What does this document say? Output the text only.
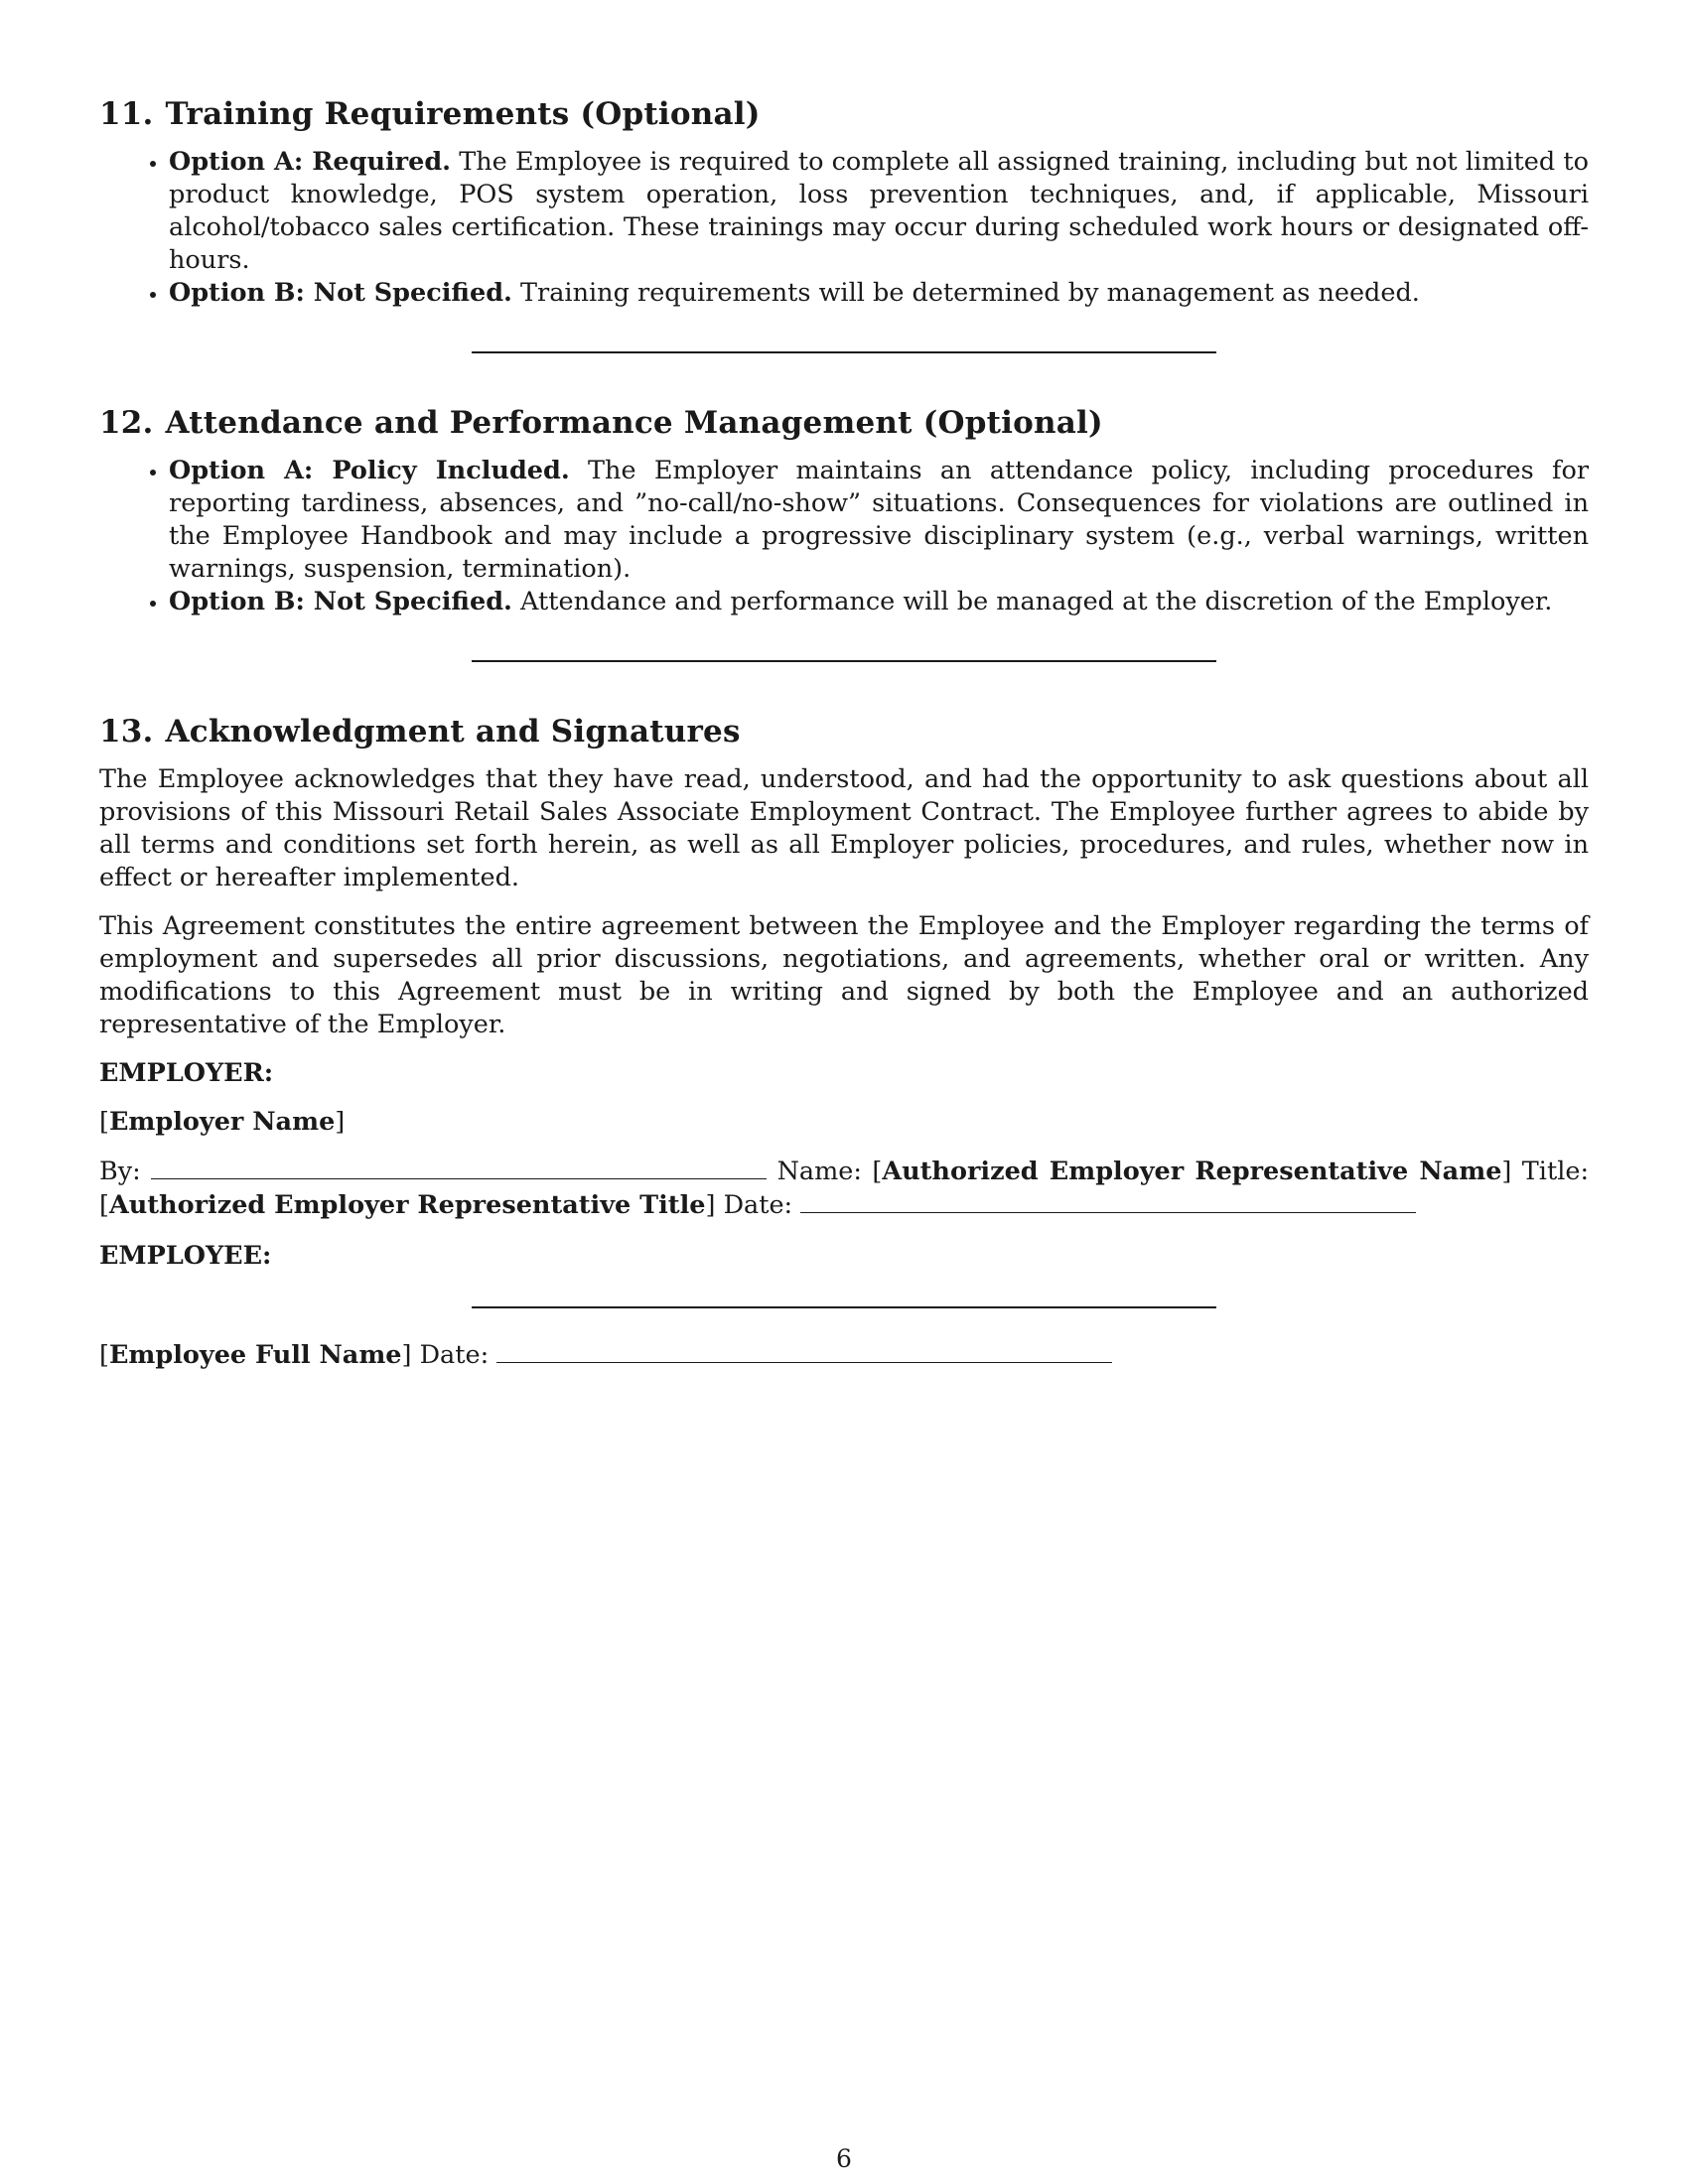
11. Training Requirements (Optional)
• Option A: Required. The Employee is required to complete all assigned training, including but not limited to product knowledge, POS system operation, loss prevention techniques, and, if applicable, Missouri alcohol/tobacco sales certification. These trainings may occur during scheduled work hours or designated off-hours.
• Option B: Not Specified. Training requirements will be determined by management as needed.
12. Attendance and Performance Management (Optional)
• Option A: Policy Included. The Employer maintains an attendance policy, including procedures for reporting tardiness, absences, and ”no-call/no-show” situations. Consequences for violations are outlined in the Employee Handbook and may include a progressive disciplinary system (e.g., verbal warnings, written warnings, suspension, termination).
• Option B: Not Specified. Attendance and performance will be managed at the discretion of the Employer.
13. Acknowledgment and Signatures

The Employee acknowledges that they have read, understood, and had the opportunity to ask questions about all provisions of this Missouri Retail Sales Associate Employment Contract. The Employee further agrees to abide by all terms and conditions set forth herein, as well as all Employer policies, procedures, and rules, whether now in effect or hereafter implemented.

This Agreement constitutes the entire agreement between the Employee and the Employer regarding the terms of employment and supersedes all prior discussions, negotiations, and agreements, whether oral or written. Any modifications to this Agreement must be in writing and signed by both the Employee and an authorized representative of the Employer.

EMPLOYER:
[Employer Name]

By:	Name: [Authorized Employer Representative Name] Title:

[Authorized Employer Representative Title] Date:

EMPLOYEE:

[Employee Full Name] Date:

6
